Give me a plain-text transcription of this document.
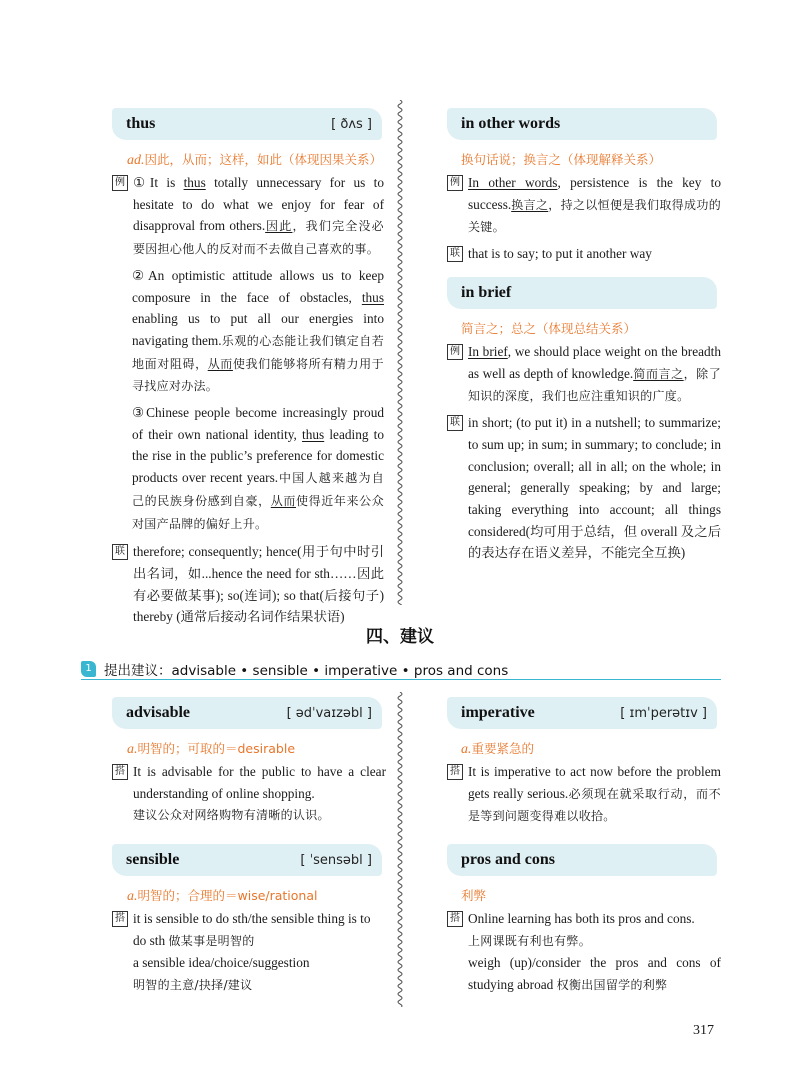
thus	[ ðʌs ]
ad.因此，从而；这样，如此（体现因果关系）
例 ①It is thus totally unnecessary for us to hesitate to do what we enjoy for fear of disapproval from others.因此，我们完全没必要因担心他人的反对而不去做自己喜欢的事。
②An optimistic attitude allows us to keep composure in the face of obstacles, thus enabling us to put all our energies into navigating them.乐观的心态能让我们镇定自若地面对阻碍，从而使我们能够将所有精力用于寻找应对办法。
③Chinese people become increasingly proud of their own national identity, thus leading to the rise in the public’s preference for domestic products over recent years.中国人越来越为自己的民族身份感到自豪，从而使得近年来公众对国产品牌的偏好上升。
联 therefore; consequently; hence(用于句中时引出名词，如...hence the need for sth……因此有必要做某事); so(连词); so that(后接句子) thereby (通常后接动名词作结果状语)
in other words
换句话说；换言之（体现解释关系）
例 In other words, persistence is the key to success.换言之，持之以恒便是我们取得成功的关键。
联 that is to say; to put it another way
in brief
简言之；总之（体现总结关系）
例 In brief, we should place weight on the breadth as well as depth of knowledge.简而言之，除了知识的深度，我们也应注重知识的广度。
联 in short; (to put it) in a nutshell; to summarize; to sum up; in sum; in summary; to conclude; in conclusion; overall; all in all; on the whole; in general; generally speaking; by and large; taking everything into account; all things considered(均可用于总结，但 overall 及之后的表达存在语义差异，不能完全互换)
四、建议
1 提出建议：advisable • sensible • imperative • pros and cons
advisable	[ ədˈvaɪzəbl ]
a.明智的；可取的＝desirable
搭 It is advisable for the public to have a clear understanding of online shopping.
建议公众对网络购物有清晰的认识。
imperative	[ ɪmˈperətɪv ]
a.重要紧急的
搭 It is imperative to act now before the problem gets really serious.必须现在就采取行动，而不是等到问题变得难以收拾。
sensible	[ ˈsensəbl ]
a.明智的；合理的＝wise/rational
搭 it is sensible to do sth/the sensible thing is to do sth 做某事是明智的
a sensible idea/choice/suggestion
明智的主意/抉择/建议
pros and cons
利弊
搭 Online learning has both its pros and cons.
上网课既有利也有弊。
weigh (up)/consider the pros and cons of studying abroad 权衡出国留学的利弊
317
